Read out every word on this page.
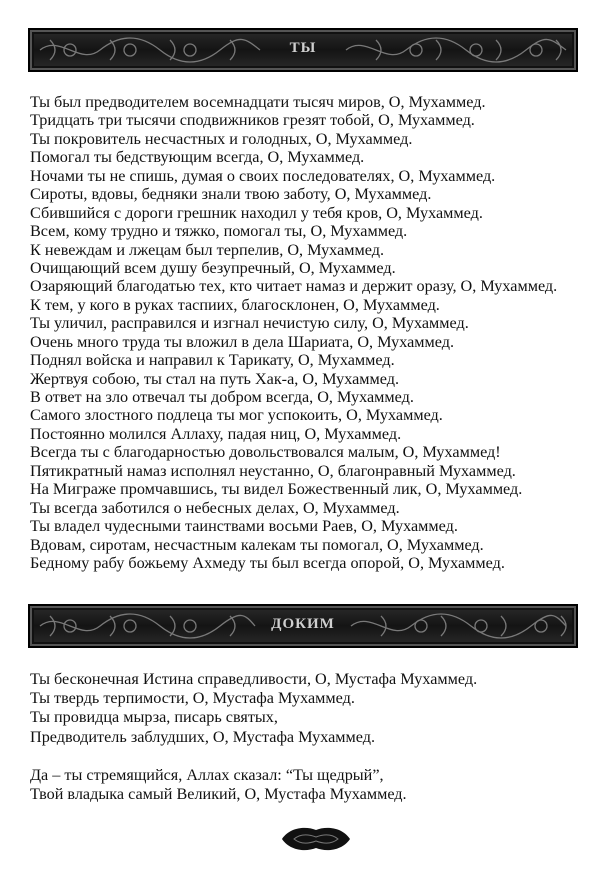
ТЫ
Ты был предводителем восемнадцати тысяч миров, О, Мухаммед.
Тридцать три тысячи сподвижников грезят тобой, О, Мухаммед.
Ты покровитель несчастных и голодных, О, Мухаммед.
Помогал ты бедствующим всегда, О, Мухаммед.
Ночами ты не спишь, думая о своих последователях, О, Мухаммед.
Сироты, вдовы, бедняки знали твою заботу, О, Мухаммед.
Сбившийся с дороги грешник находил у тебя кров, О, Мухаммед.
Всем, кому трудно и тяжко, помогал ты, О, Мухаммед.
К невеждам и лжецам был терпелив, О, Мухаммед.
Очищающий всем душу безупречный, О, Мухаммед.
Озаряющий благодатью тех, кто читает намаз и держит оразу, О, Мухаммед.
К тем, у кого в руках таспиих, благосклонен, О, Мухаммед.
Ты уличил, расправился и изгнал нечистую силу, О, Мухаммед.
Очень много труда ты вложил в дела Шариата, О, Мухаммед.
Поднял войска и направил к Тарикату, О, Мухаммед.
Жертвуя собою, ты стал на путь Хак-а, О, Мухаммед.
В ответ на зло отвечал ты добром всегда, О, Мухаммед.
Самого злостного подлеца ты мог успокоить, О, Мухаммед.
Постоянно молился Аллаху, падая ниц, О, Мухаммед.
Всегда ты с благодарностью довольствовался малым, О, Мухаммед!
Пятикратный намаз исполнял неустанно, О, благонравный Мухаммед.
На Миграже промчавшись, ты видел Божественный лик, О, Мухаммед.
Ты всегда заботился о небесных делах, О, Мухаммед.
Ты владел чудесными таинствами восьми Раев, О, Мухаммед.
Вдовам, сиротам, несчастным калекам ты помогал, О, Мухаммед.
Бедному рабу божьему Ахмеду ты был всегда опорой, О, Мухаммед.
ДОКИМ
Ты бесконечная Истина справедливости, О, Мустафа Мухаммед.
Ты твердь терпимости, О, Мустафа Мухаммед.
Ты провидца мырза, писарь святых,
Предводитель заблудших, О, Мустафа Мухаммед.
Да – ты стремящийся, Аллах сказал: “Ты щедрый”,
Твой владыка самый Великий, О, Мустафа Мухаммед.
